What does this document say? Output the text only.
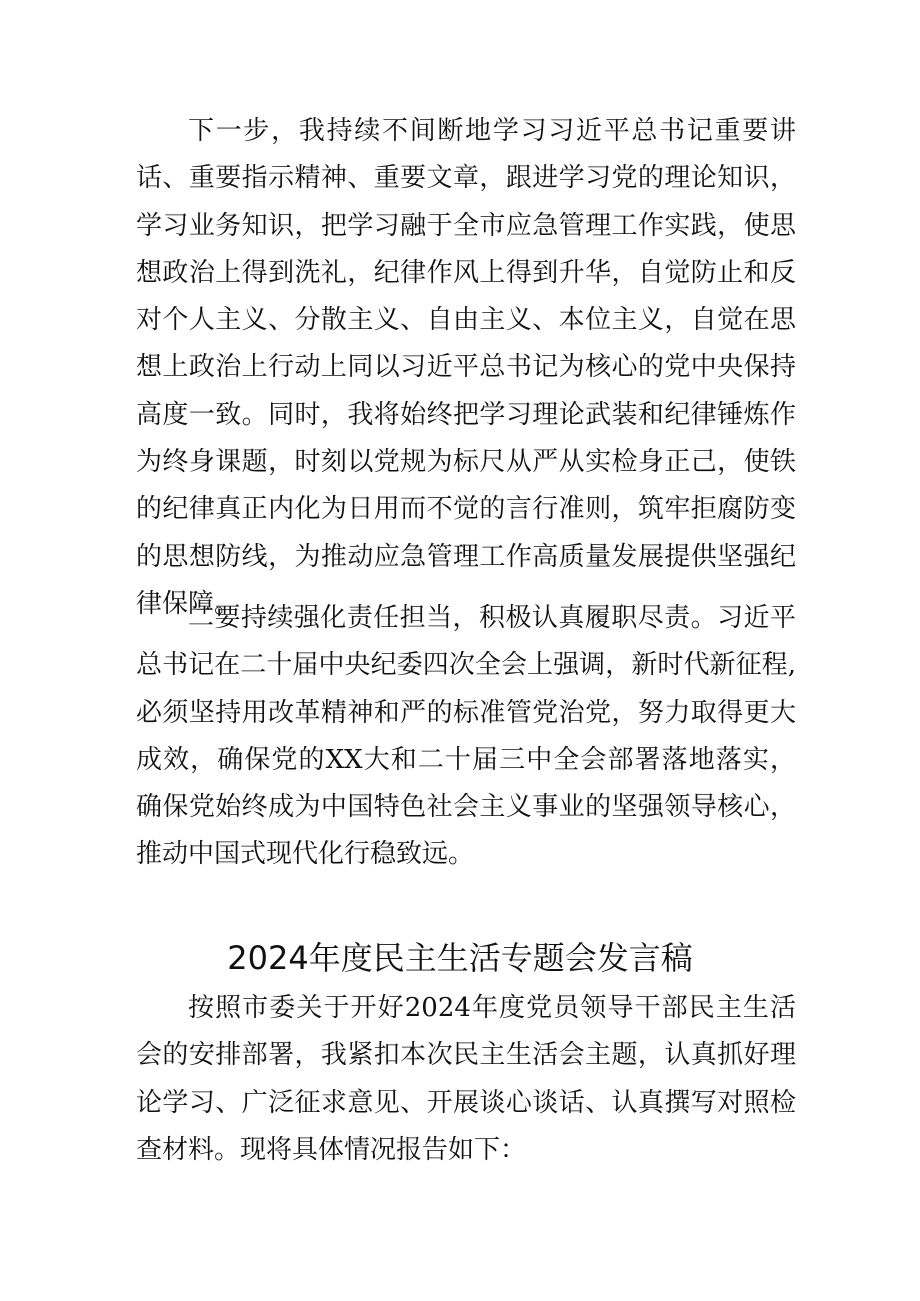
下一步，我持续不间断地学习习近平总书记重要讲话、重要指示精神、重要文章，跟进学习党的理论知识，学习业务知识，把学习融于全市应急管理工作实践，使思想政治上得到洗礼，纪律作风上得到升华，自觉防止和反对个人主义、分散主义、自由主义、本位主义，自觉在思想上政治上行动上同以习近平总书记为核心的党中央保持高度一致。同时，我将始终把学习理论武装和纪律锤炼作为终身课题，时刻以党规为标尺从严从实检身正己，使铁的纪律真正内化为日用而不觉的言行准则，筑牢拒腐防变的思想防线，为推动应急管理工作高质量发展提供坚强纪律保障。

二要持续强化责任担当，积极认真履职尽责。习近平总书记在二十届中央纪委四次全会上强调，新时代新征程,必须坚持用改革精神和严的标准管党治党，努力取得更大成效，确保党的XX大和二十届三中全会部署落地落实，确保党始终成为中国特色社会主义事业的坚强领导核心，推动中国式现代化行稳致远。

2024年度民主生活专题会发言稿

按照市委关于开好2024年度党员领导干部民主生活会的安排部署，我紧扣本次民主生活会主题，认真抓好理论学习、广泛征求意见、开展谈心谈话、认真撰写对照检查材料。现将具体情况报告如下：
